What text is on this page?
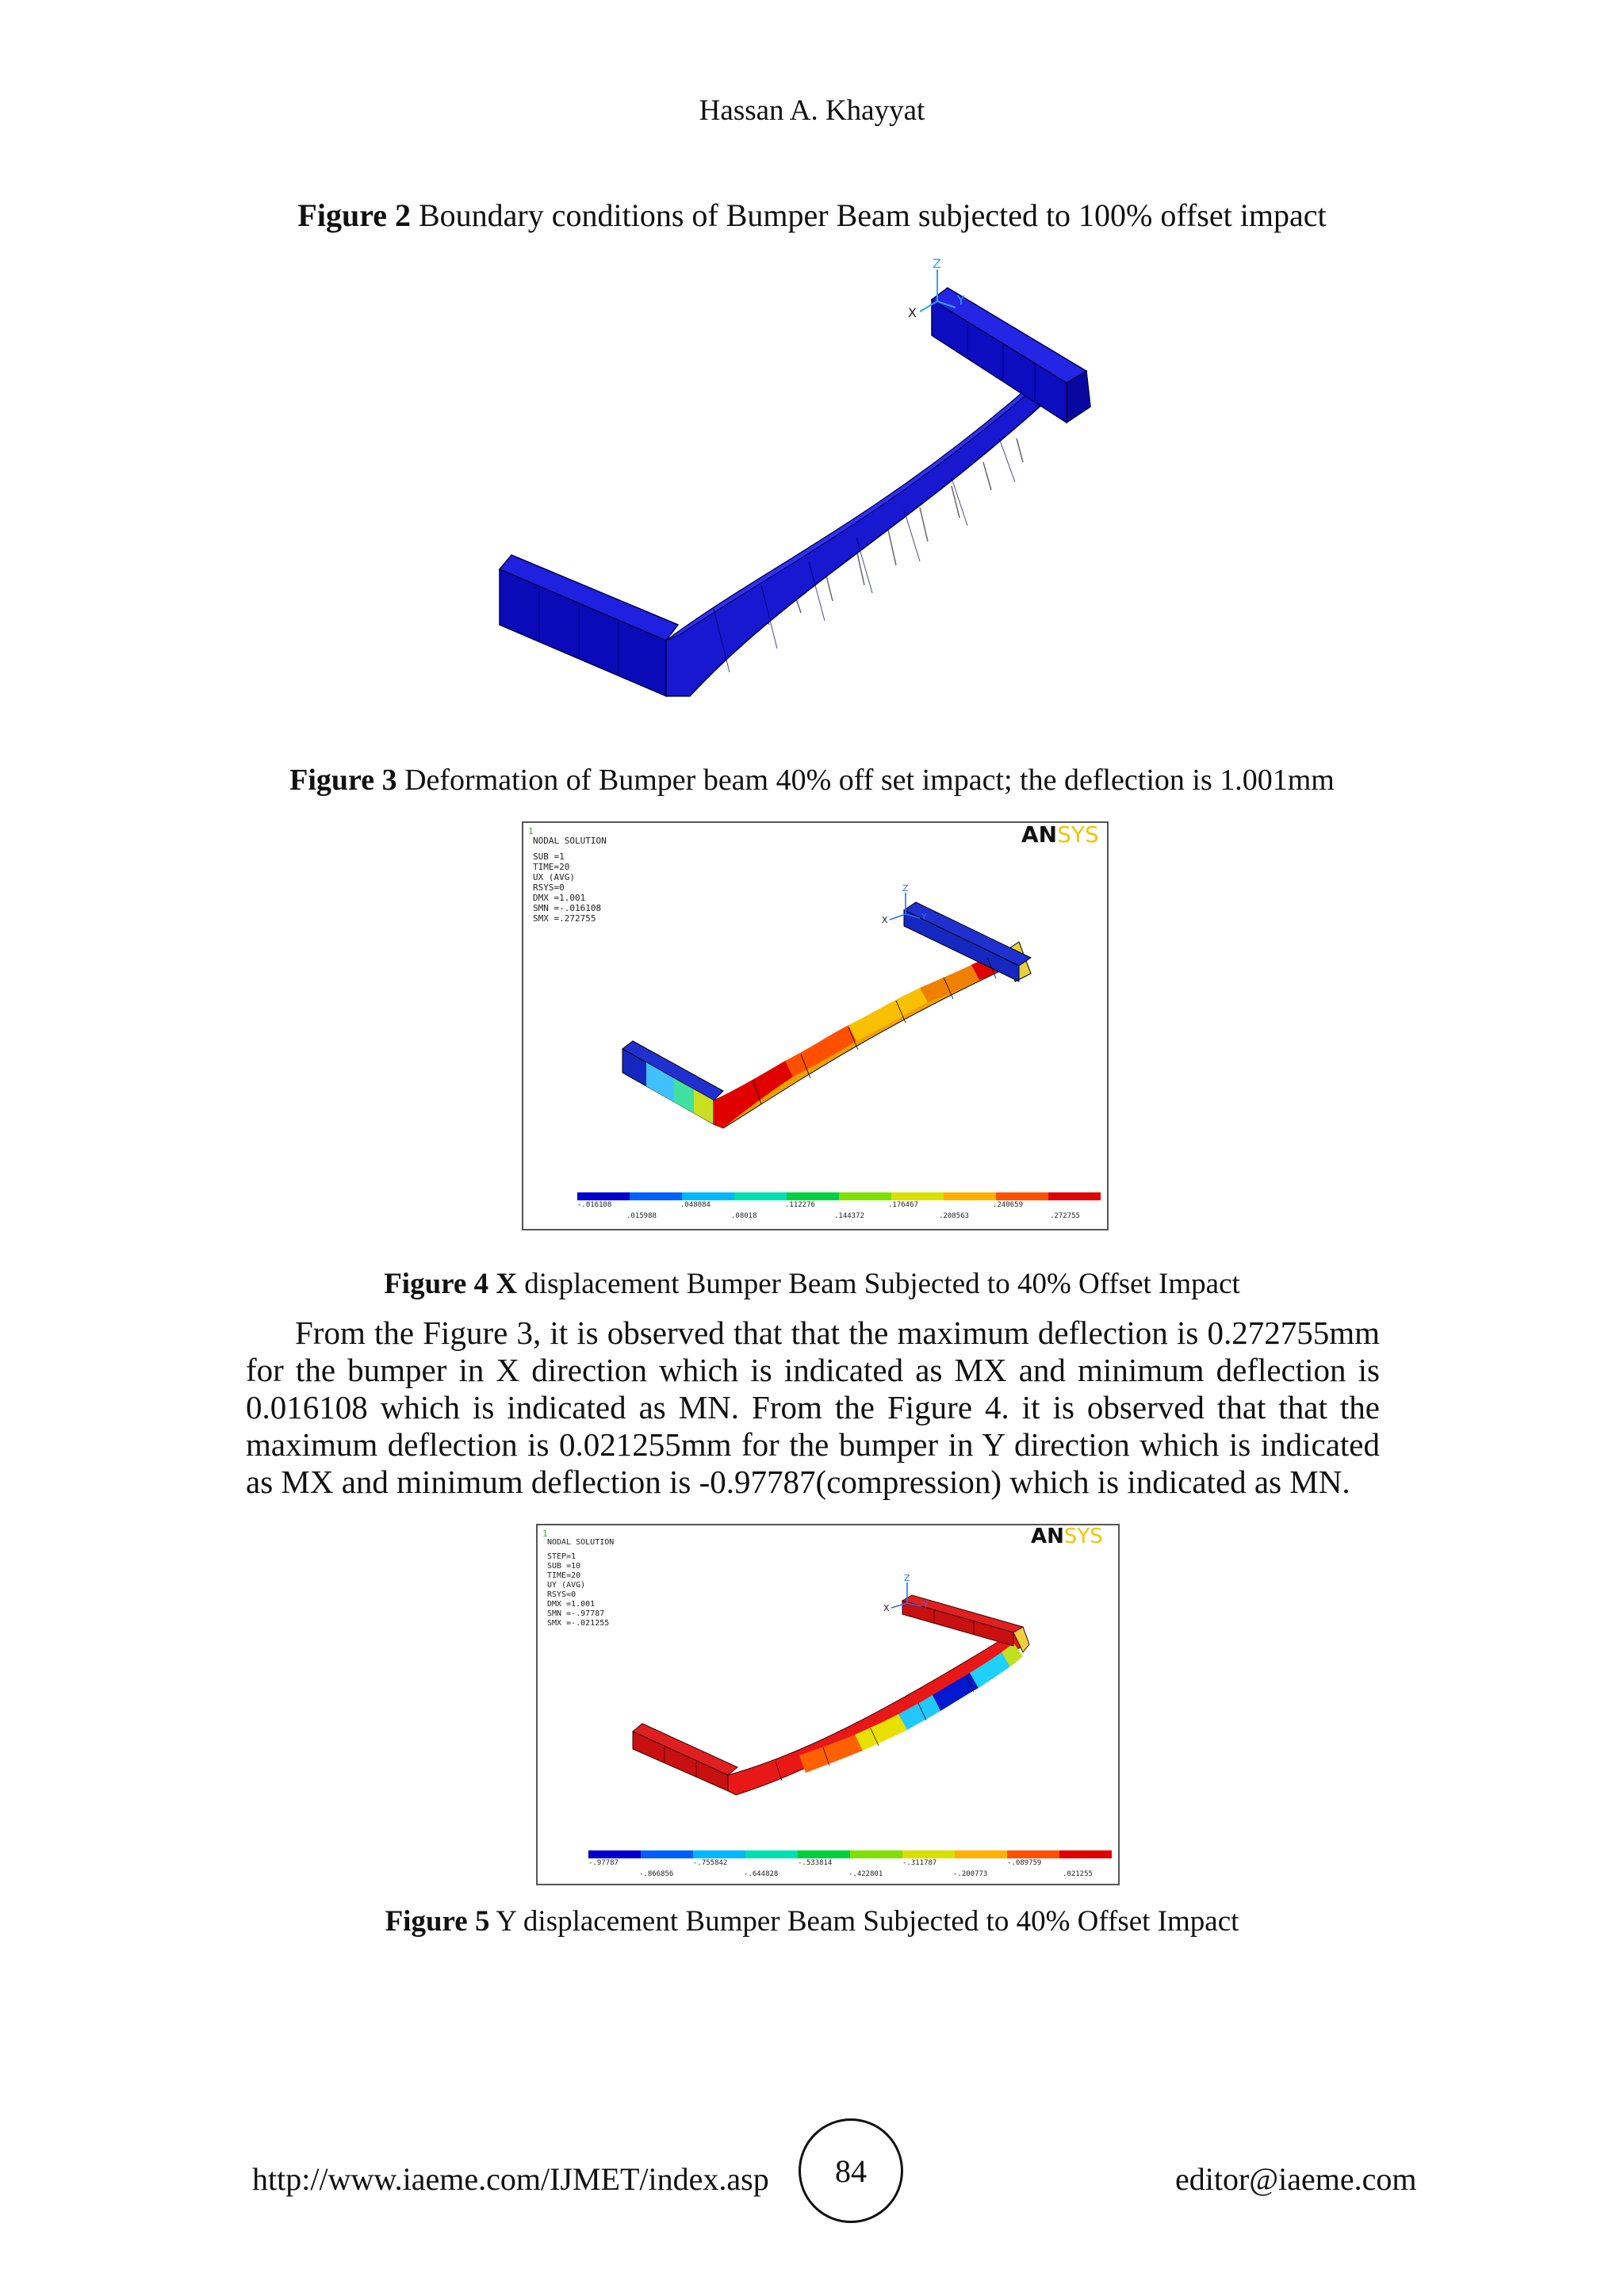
Hassan A. Khayyat
Figure 2 Boundary conditions of Bumper Beam subjected to 100% offset impact
Z
Y
X
Figure 3 Deformation of Bumper beam 40% off set impact; the deflection is 1.001mm
1
NODAL SOLUTION
SUB =1
TIME=20
UX (AVG)
RSYS=0
DMX =1.001
SMN =-.016108
SMX =.272755
ANSYS
Z
Y
X
-.016108	.048084	.112276	.176467	.240659
.015988	.08018	.144372	.208563	.272755
Figure 4 X displacement Bumper Beam Subjected to 40% Offset Impact

From the Figure 3, it is observed that that the maximum deflection is 0.272755mm for the bumper in X direction which is indicated as MX and minimum deflection is 0.016108 which is indicated as MN. From the Figure 4. it is observed that that the maximum deflection is 0.021255mm for the bumper in Y direction which is indicated as MX and minimum deflection is -0.97787(compression) which is indicated as MN.

1
NODAL SOLUTION
STEP=1
SUB =10
TIME=20
UY (AVG)
RSYS=0
DMX =1.001
SMN =-.97787
SMX =-.021255
ANSYS
Z
Y
X
-.97787	-.755842	-.533814	-.311787	-.089759
-.866856	-.644828	-.422801	-.200773	.021255
Figure 5 Y displacement Bumper Beam Subjected to 40% Offset Impact
http://www.iaeme.com/IJMET/index.asp	84	editor@iaeme.com
